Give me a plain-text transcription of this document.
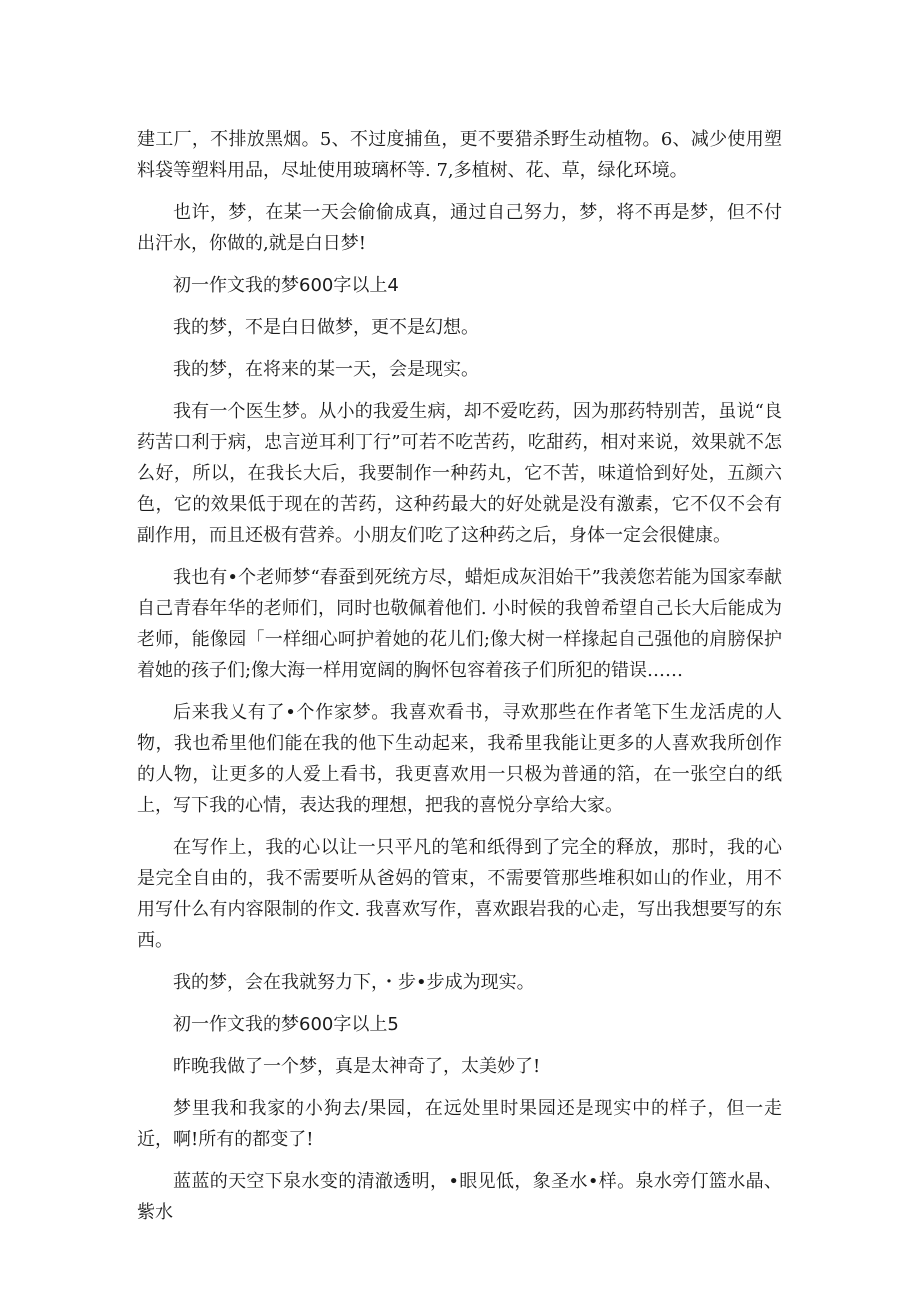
建工厂，不排放黑烟。5、不过度捕鱼，更不要猎杀野生动植物。6、减少使用塑料袋等塑料用品，尽址使用玻璃杯等. 7,多植树、花、草，绿化环境。

也许，梦，在某一天会偷偷成真，通过自己努力，梦，将不再是梦，但不付出汗水，你做的,就是白日梦!

初一作文我的梦600字以上4

我的梦，不是白日做梦，更不是幻想。

我的梦，在将来的某一天，会是现实。

我有一个医生梦。从小的我爱生病，却不爱吃药，因为那药特别苦，虽说“良药苦口利于病，忠言逆耳利丁行”可若不吃苦药，吃甜药，相对来说，效果就不怎么好，所以，在我长大后，我要制作一种药丸，它不苦，味道恰到好处，五颜六色，它的效果低于现在的苦药，这种药最大的好处就是没有激素，它不仅不会有副作用，而且还极有营养。小朋友们吃了这种药之后，身体一定会很健康。

我也有•个老师梦“春蚕到死统方尽，蜡炬成灰泪始干”我羡您若能为国家奉献自己青春年华的老师们，同时也敬佩着他们. 小时候的我曾希望自己长大后能成为老师，能像园「一样细心呵护着她的花儿们;像大树一样掾起自己强他的肩膀保护着她的孩子们;像大海一样用宽阔的胸怀包容着孩子们所犯的错误……

后来我乂有了•个作家梦。我喜欢看书，寻欢那些在作者笔下生龙活虎的人物，我也希里他们能在我的他下生动起来，我希里我能让更多的人喜欢我所创作的人物，让更多的人爱上看书，我更喜欢用一只极为普通的箔，在一张空白的纸上，写下我的心情，表达我的理想，把我的喜悦分享给大家。

在写作上，我的心以让一只平凡的笔和纸得到了完全的释放，那时，我的心是完全自由的，我不需要听从爸妈的管束，不需要管那些堆积如山的作业，用不用写什么有内容限制的作文. 我喜欢写作，喜欢跟岩我的心走，写出我想要写的东西。

我的梦，会在我就努力下，・步•步成为现实。

初一作文我的梦600字以上5

昨晚我做了一个梦，真是太神奇了，太美妙了!

梦里我和我家的小狗去/果园，在远处里时果园还是现实中的样子，但一走近，啊!所有的都变了!

蓝蓝的天空下泉水变的清澈透明，•眼见低，象圣水•样。泉水旁仃篮水晶、紫水
